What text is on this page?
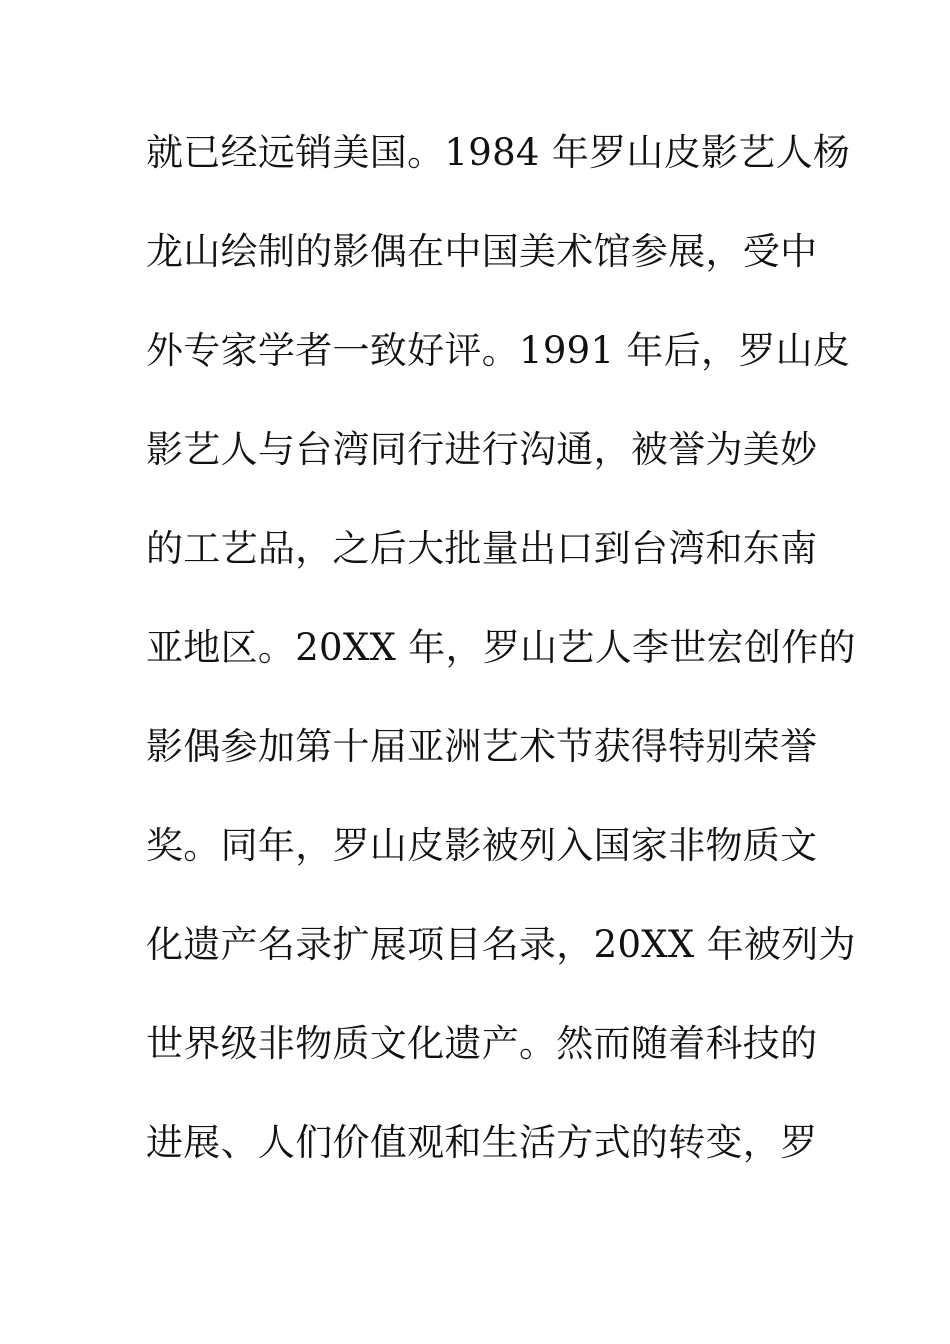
就已经远销美国。1984 年罗山皮影艺人杨
龙山绘制的影偶在中国美术馆参展，受中
外专家学者一致好评。1991 年后，罗山皮
影艺人与台湾同行进行沟通，被誉为美妙
的工艺品，之后大批量出口到台湾和东南
亚地区。20XX 年，罗山艺人李世宏创作的
影偶参加第十届亚洲艺术节获得特别荣誉
奖。同年，罗山皮影被列入国家非物质文
化遗产名录扩展项目名录，20XX 年被列为
世界级非物质文化遗产。然而随着科技的
进展、人们价值观和生活方式的转变，罗
